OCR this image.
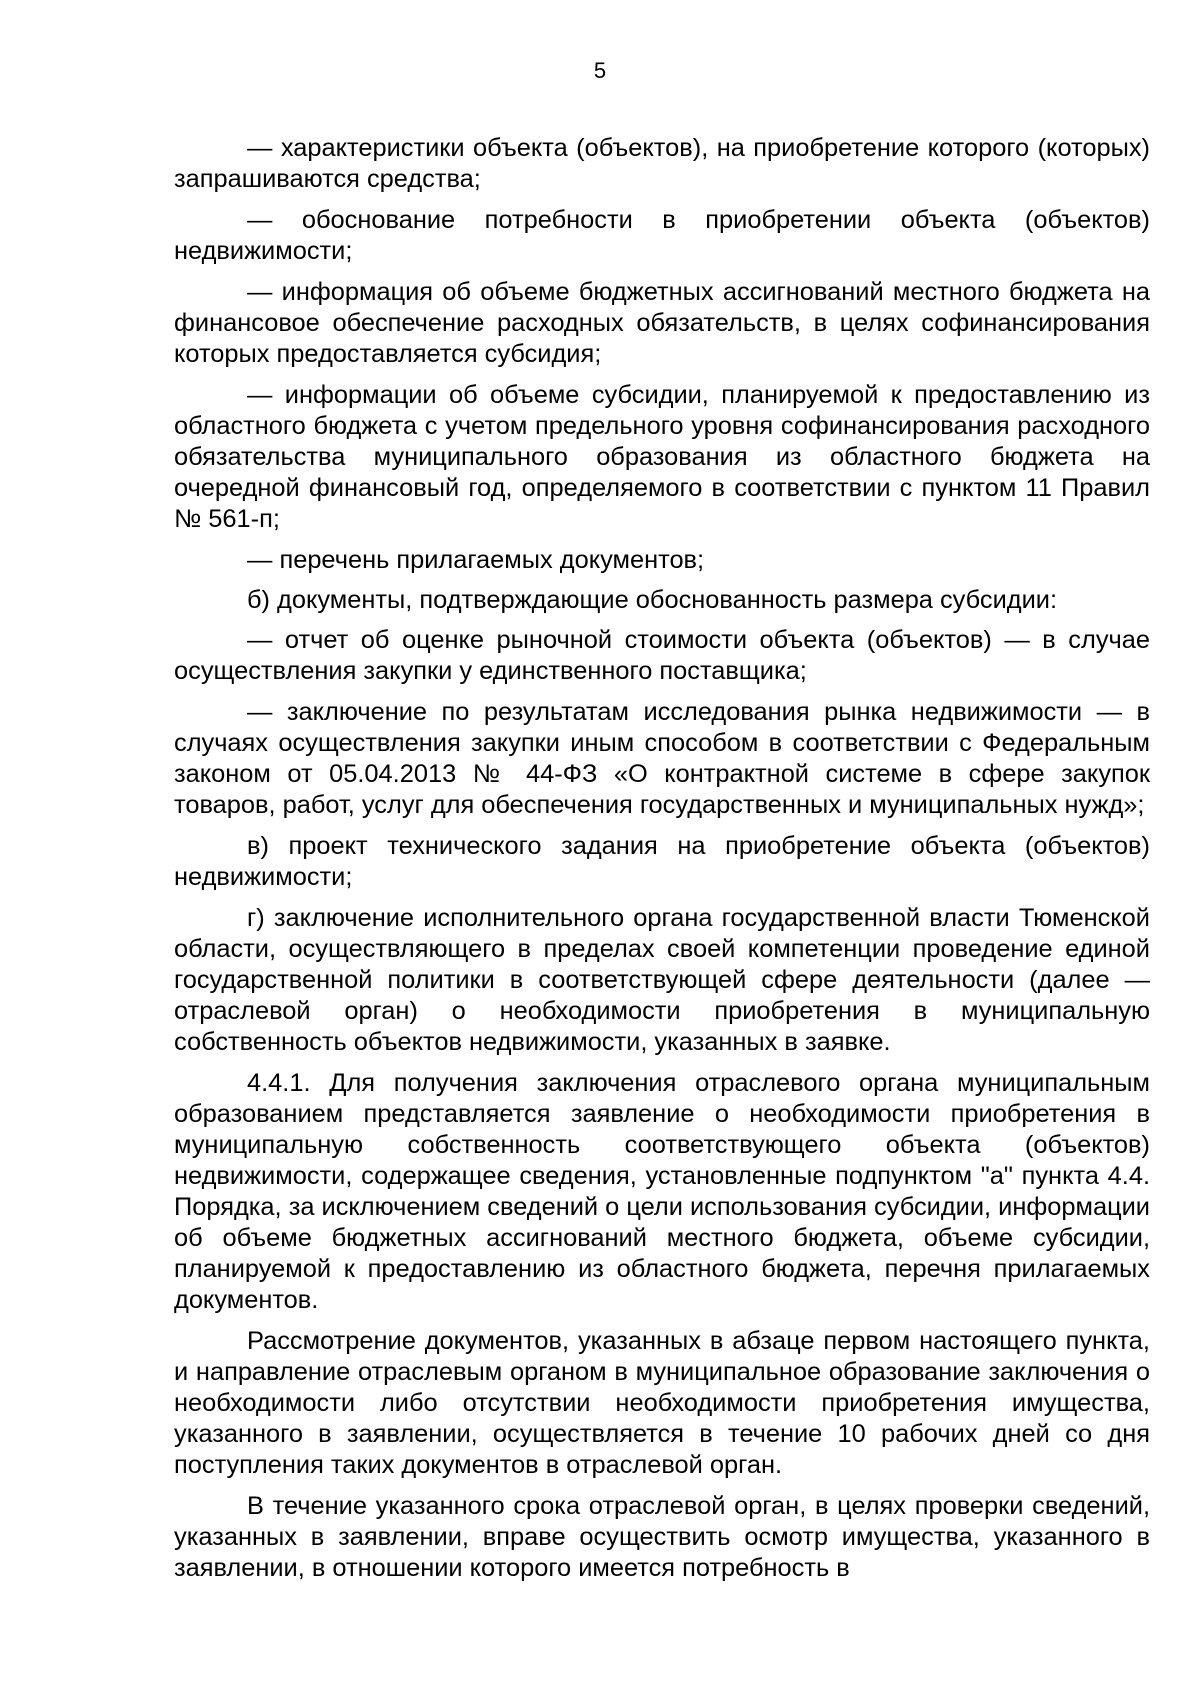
5

— характеристики объекта (объектов), на приобретение которого (которых) запрашиваются средства;

— обоснование потребности в приобретении объекта (объектов) недвижимости;

— информация об объеме бюджетных ассигнований местного бюджета на финансовое обеспечение расходных обязательств, в целях софинансирования которых предоставляется субсидия;

— информации об объеме субсидии, планируемой к предоставлению из областного бюджета с учетом предельного уровня софинансирования расходного обязательства муниципального образования из областного бюджета на очередной финансовый год, определяемого в соответствии с пунктом 11 Правил № 561-п;

— перечень прилагаемых документов;

б) документы, подтверждающие обоснованность размера субсидии:

— отчет об оценке рыночной стоимости объекта (объектов) — в случае осуществления закупки у единственного поставщика;

— заключение по результатам исследования рынка недвижимости — в случаях осуществления закупки иным способом в соответствии с Федеральным законом от 05.04.2013 № 44-ФЗ «О контрактной системе в сфере закупок товаров, работ, услуг для обеспечения государственных и муниципальных нужд»;

в) проект технического задания на приобретение объекта (объектов) недвижимости;

г) заключение исполнительного органа государственной власти Тюменской области, осуществляющего в пределах своей компетенции проведение единой государственной политики в соответствующей сфере деятельности (далее — отраслевой орган) о необходимости приобретения в муниципальную собственность объектов недвижимости, указанных в заявке.

4.4.1. Для получения заключения отраслевого органа муниципальным образованием представляется заявление о необходимости приобретения в муниципальную собственность соответствующего объекта (объектов) недвижимости, содержащее сведения, установленные подпунктом "а" пункта 4.4. Порядка, за исключением сведений о цели использования субсидии, информации об объеме бюджетных ассигнований местного бюджета, объеме субсидии, планируемой к предоставлению из областного бюджета, перечня прилагаемых документов.

Рассмотрение документов, указанных в абзаце первом настоящего пункта, и направление отраслевым органом в муниципальное образование заключения о необходимости либо отсутствии необходимости приобретения имущества, указанного в заявлении, осуществляется в течение 10 рабочих дней со дня поступления таких документов в отраслевой орган.

В течение указанного срока отраслевой орган, в целях проверки сведений, указанных в заявлении, вправе осуществить осмотр имущества, указанного в заявлении, в отношении которого имеется потребность в
